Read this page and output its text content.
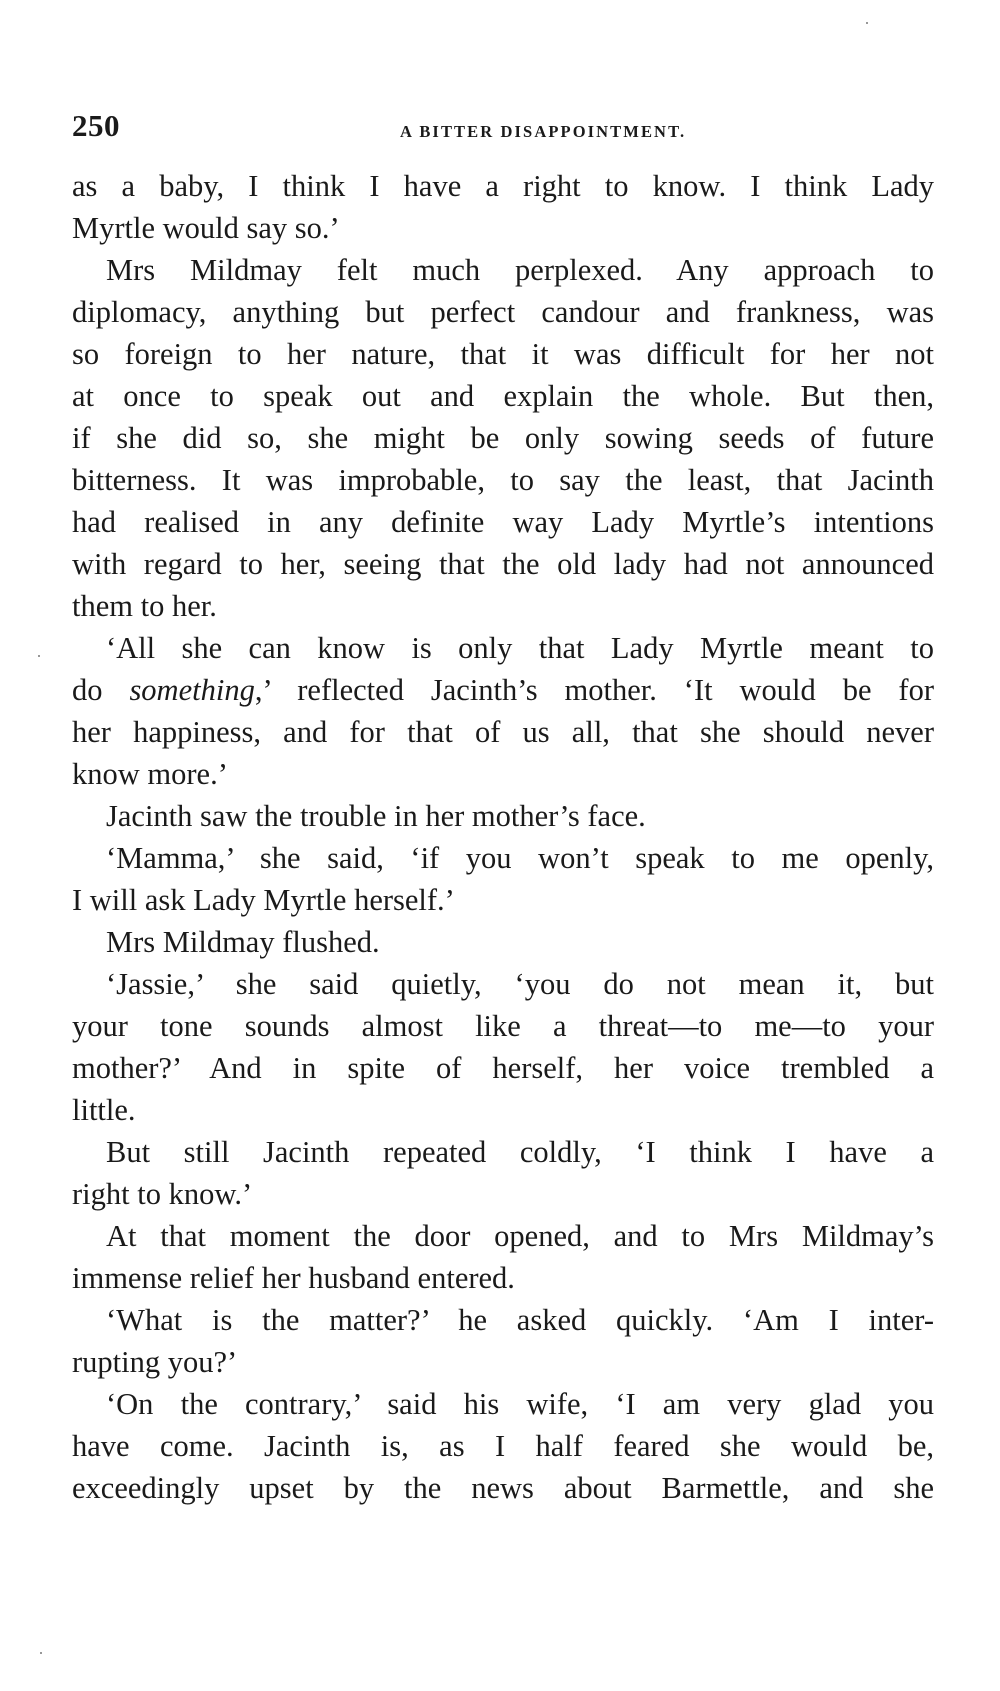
250	A BITTER DISAPPOINTMENT.
as a baby, I think I have a right to know. I think Lady
Myrtle would say so.’
Mrs Mildmay felt much perplexed. Any approach to
diplomacy, anything but perfect candour and frankness, was
so foreign to her nature, that it was difficult for her not
at once to speak out and explain the whole. But then,
if she did so, she might be only sowing seeds of future
bitterness. It was improbable, to say the least, that Jacinth
had realised in any definite way Lady Myrtle’s intentions
with regard to her, seeing that the old lady had not announced
them to her.
‘All she can know is only that Lady Myrtle meant to
do something,’ reflected Jacinth’s mother. ‘It would be for
her happiness, and for that of us all, that she should never
know more.’
Jacinth saw the trouble in her mother’s face.
‘Mamma,’ she said, ‘if you won’t speak to me openly,
I will ask Lady Myrtle herself.’
Mrs Mildmay flushed.
‘Jassie,’ she said quietly, ‘you do not mean it, but
your tone sounds almost like a threat—to me—to your
mother?’ And in spite of herself, her voice trembled a
little.
But still Jacinth repeated coldly, ‘I think I have a
right to know.’
At that moment the door opened, and to Mrs Mildmay’s
immense relief her husband entered.
‘What is the matter?’ he asked quickly. ‘Am I inter-
rupting you?’
‘On the contrary,’ said his wife, ‘I am very glad you
have come. Jacinth is, as I half feared she would be,
exceedingly upset by the news about Barmettle, and she
